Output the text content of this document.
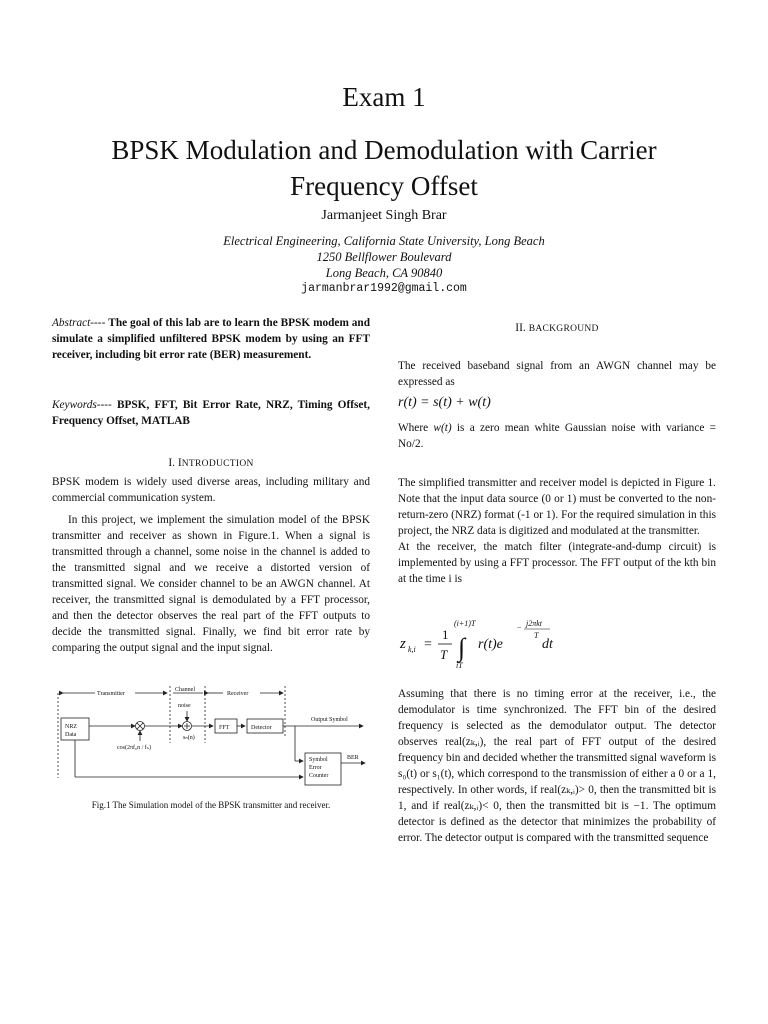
Exam 1
BPSK Modulation and Demodulation with Carrier Frequency Offset
Jarmanjeet Singh Brar
Electrical Engineering, California State University, Long Beach
1250 Bellflower Boulevard
Long Beach, CA 90840
jarmanbrar1992@gmail.com
Abstract---- The goal of this lab are to learn the BPSK modem and simulate a simplified unfiltered BPSK modem by using an FFT receiver, including bit error rate (BER) measurement.
Keywords---- BPSK, FFT, Bit Error Rate, NRZ, Timing Offset, Frequency Offset, MATLAB
I. INTRODUCTION
BPSK modem is widely used diverse areas, including military and commercial communication system.
In this project, we implement the simulation model of the BPSK transmitter and receiver as shown in Figure.1. When a signal is transmitted through a channel, some noise in the channel is added to the transmitted signal and we receive a distorted version of transmitted signal. We consider channel to be an AWGN channel. At receiver, the transmitted signal is demodulated by a FFT processor, and then the detector observes the real part of the FFT outputs to decide the transmitted signal. Finally, we find bit error rate by comparing the output signal and the input signal.
Transmitter
Channel
noise
Receiver
NRZ
Data
FFT	Detector
Output Symbol
cos(2πf₀n / fₛ)
sₙ(n)
Symbol
Error
Counter
BER
Fig.1 The Simulation model of the BPSK transmitter and receiver.
II. BACKGROUND
The received baseband signal from an AWGN channel may be expressed as
r(t) = s(t) + w(t)
Where w(t) is a zero mean white Gaussian noise with variance = No/2.
The simplified transmitter and receiver model is depicted in Figure 1. Note that the input data source (0 or 1) must be converted to the non-return-zero (NRZ) format (-1 or 1). For the required simulation in this project, the NRZ data is digitized and modulated at the transmitter.
At the receiver, the match filter (integrate-and-dump circuit) is implemented by using a FFT processor. The FFT output of the kth bin at the time i is
z k,i =
1
T ∫
(i+1)T
iT
r(t)e
− j2πkt
T
dt
Assuming that there is no timing error at the receiver, i.e., the demodulator is time synchronized. The FFT bin of the desired frequency is selected as the demodulator output. The detector observes real(zₖ,ᵢ), the real part of FFT output of the desired frequency bin and decided whether the transmitted signal waveform is s₀(t) or s₁(t), which correspond to the transmission of either a 0 or a 1, respectively. In other words, if real(zₖ,ᵢ)> 0, then the transmitted bit is 1, and if real(zₖ,ᵢ)< 0, then the transmitted bit is −1. The optimum detector is defined as the detector that minimizes the probability of error. The detector output is compared with the transmitted sequence
